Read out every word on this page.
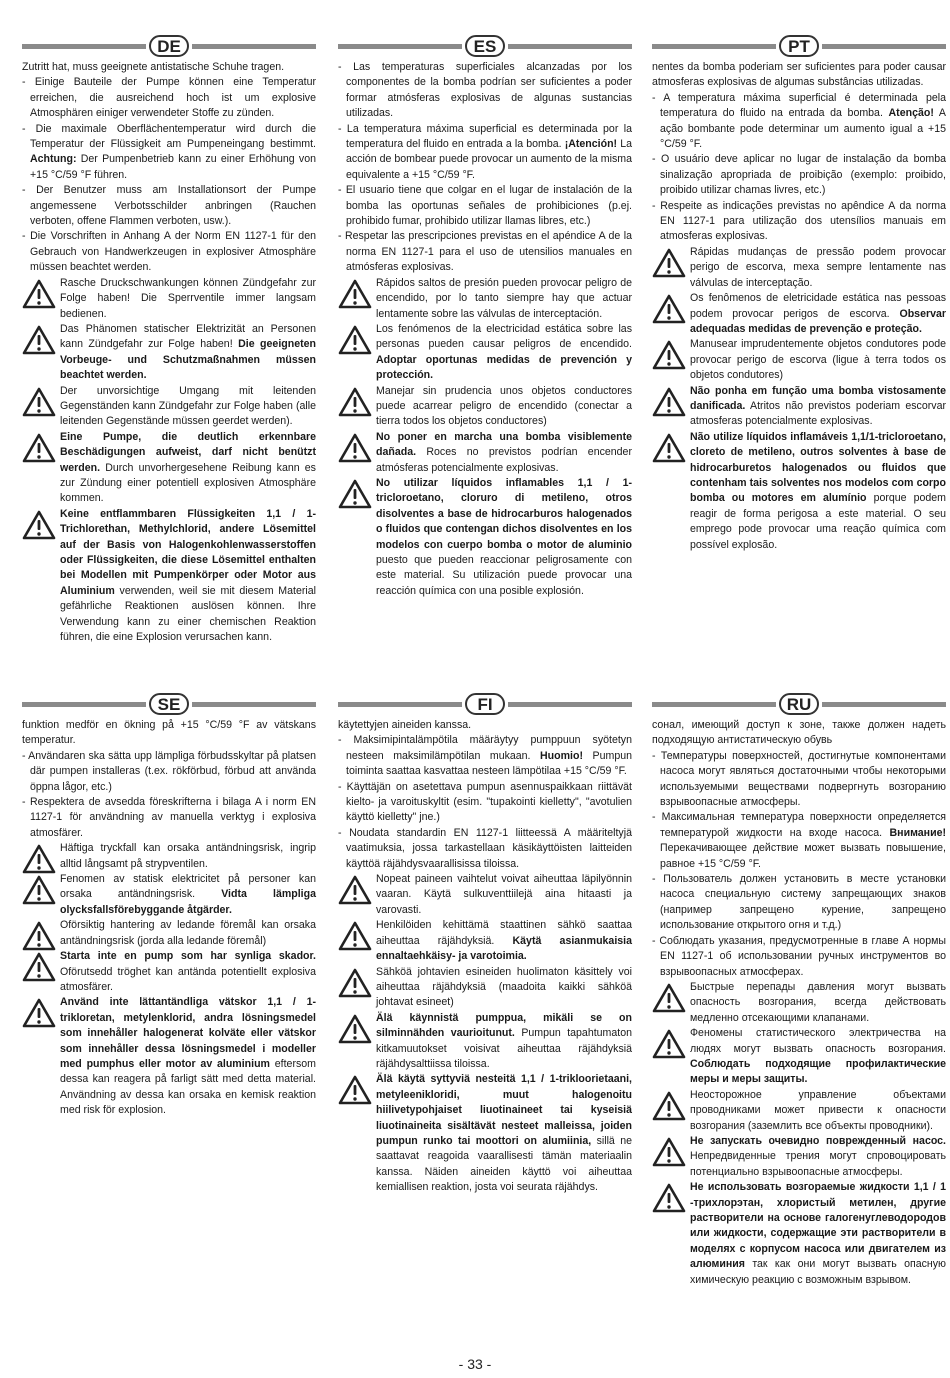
DE

Zutritt hat, muss geeignete antistatische Schuhe tragen.

- Einige Bauteile der Pumpe können eine Temperatur erreichen, die ausreichend hoch ist um explosive Atmosphären einiger verwendeter Stoffe zu zünden.

- Die maximale Oberflächentemperatur wird durch die Temperatur der Flüssigkeit am Pumpeneingang bestimmt. Achtung: Der Pumpenbetrieb kann zu einer Erhöhung von +15 °C/59 °F führen.

- Der Benutzer muss am Installationsort der Pumpe angemessene Verbotsschilder anbringen (Rauchen verboten, offene Flammen verboten, usw.).

- Die Vorschriften in Anhang A der Norm EN 1127-1 für den Gebrauch von Handwerkzeugen in explosiver Atmosphäre müssen beachtet werden.

Rasche Druckschwankungen können Zündgefahr zur Folge haben! Die Sperrventile immer langsam bedienen.

Das Phänomen statischer Elektrizität an Personen kann Zündgefahr zur Folge haben! Die geeigneten Vorbeuge- und Schutzmaßnahmen müssen beachtet werden.

Der unvorsichtige Umgang mit leitenden Gegenständen kann Zündgefahr zur Folge haben (alle leitenden Gegenstände müssen geerdet werden).

Eine Pumpe, die deutlich erkennbare Beschädigungen aufweist, darf nicht benützt werden. Durch unvorhergesehene Reibung kann es zur Zündung einer potentiell explosiven Atmosphäre kommen.

Keine entflammbaren Flüssigkeiten 1,1 / 1-Trichlorethan, Methylchlorid, andere Lösemittel auf der Basis von Halogenkohlenwasserstoffen oder Flüssigkeiten, die diese Lösemittel enthalten bei Modellen mit Pumpenkörper oder Motor aus Aluminium verwenden, weil sie mit diesem Material gefährliche Reaktionen auslösen können. Ihre Verwendung kann zu einer chemischen Reaktion führen, die eine Explosion verursachen kann.

ES

- Las temperaturas superficiales alcanzadas por los componentes de la bomba podrían ser suficientes a poder formar atmósferas explosivas de algunas sustancias utilizadas.

- La temperatura máxima superficial es determinada por la temperatura del fluido en entrada a la bomba. ¡Atención! La acción de bombear puede provocar un aumento de la misma equivalente a +15 °C/59 °F.

- El usuario tiene que colgar en el lugar de instalación de la bomba las oportunas señales de prohibiciones (p.ej. prohibido fumar, prohibido utilizar llamas libres, etc.)

- Respetar las prescripciones previstas en el apéndice A de la norma EN 1127-1 para el uso de utensilios manuales en atmósferas explosivas.

Rápidos saltos de presión pueden provocar peligro de encendido, por lo tanto siempre hay que actuar lentamente sobre las válvulas de interceptación.

Los fenómenos de la electricidad estática sobre las personas pueden causar peligros de encendido. Adoptar oportunas medidas de prevención y protección.

Manejar sin prudencia unos objetos conductores puede acarrear peligro de encendido (conectar a tierra todos los objetos conductores)

No poner en marcha una bomba visiblemente dañada. Roces no previstos podrían encender atmósferas potencialmente explosivas.

No utilizar líquidos inflamables 1,1 / 1-tricloroetano, cloruro di metileno, otros disolventes a base de hidrocarburos halogenados o fluidos que contengan dichos disolventes en los modelos con cuerpo bomba o motor de aluminio puesto que pueden reaccionar peligrosamente con este material. Su utilización puede provocar una reacción química con una posible explosión.

PT

nentes da bomba poderiam ser suficientes para poder causar atmosferas explosivas de algumas substâncias utilizadas.

- A temperatura máxima superficial é determinada pela temperatura do fluido na entrada da bomba. Atenção! A ação bombante pode determinar um aumento igual a +15 °C/59 °F.

- O usuário deve aplicar no lugar de instalação da bomba sinalização apropriada de proibição (exemplo: proibido, proibido utilizar chamas livres, etc.)

- Respeite as indicações previstas no apêndice A da norma EN 1127-1 para utilização dos utensílios manuais em atmosferas explosivas.

Rápidas mudanças de pressão podem provocar perigo de escorva, mexa sempre lentamente nas válvulas de interceptação.

Os fenômenos de eletricidade estática nas pessoas podem provocar perigos de escorva. Observar adequadas medidas de prevenção e proteção.

Manusear imprudentemente objetos condutores pode provocar perigo de escorva (ligue à terra todos os objetos condutores)

Não ponha em função uma bomba vistosamente danificada. Atritos não previstos poderiam escorvar atmosferas potencialmente explosivas.

Não utilize líquidos inflamáveis 1,1/1-tricloroetano, cloreto de metileno, outros solventes à base de hidrocarburetos halogenados ou fluidos que contenham tais solventes nos modelos com corpo bomba ou motores em alumínio porque podem reagir de forma perigosa a este material. O seu emprego pode provocar uma reação química com possível explosão.

SE

funktion medför en ökning på +15 °C/59 °F av vätskans temperatur.

- Användaren ska sätta upp lämpliga förbudsskyltar på platsen där pumpen installeras (t.ex. rökförbud, förbud att använda öppna lågor, etc.)

- Respektera de avsedda föreskrifterna i bilaga A i norm EN 1127-1 för användning av manuella verktyg i explosiva atmosfärer.

Häftiga tryckfall kan orsaka antändningsrisk, ingrip alltid långsamt på strypventilen.

Fenomen av statisk elektricitet på personer kan orsaka antändningsrisk. Vidta lämpliga olycksfallsförebyggande åtgärder.

Oförsiktig hantering av ledande föremål kan orsaka antändningsrisk (jorda alla ledande föremål)

Starta inte en pump som har synliga skador. Oförutsedd tröghet kan antända potentiellt explosiva atmosfärer.

Använd inte lättantändliga vätskor 1,1 / 1-trikloretan, metylenklorid, andra lösningsmedel som innehåller halogenerat kolväte eller vätskor som innehåller dessa lösningsmedel i modeller med pumphus eller motor av aluminium eftersom dessa kan reagera på farligt sätt med detta material. Användning av dessa kan orsaka en kemisk reaktion med risk för explosion.

FI

käytettyjen aineiden kanssa.

- Maksimipintalämpötila määräytyy pumppuun syötetyn nesteen maksimilämpötilan mukaan. Huomio! Pumpun toiminta saattaa kasvattaa nesteen lämpötilaa +15 °C/59 °F.

- Käyttäjän on asetettava pumpun asennuspaikkaan riittävät kielto- ja varoituskyltit (esim. "tupakointi kielletty", "avotulien käyttö kielletty" jne.)

- Noudata standardin EN 1127-1 liitteessä A määriteltyjä vaatimuksia, jossa tarkastellaan käsikäyttöisten laitteiden käyttöä räjähdysvaarallisissa tiloissa.

Nopeat paineen vaihtelut voivat aiheuttaa läpilyönnin vaaran. Käytä sulkuventtiilejä aina hitaasti ja varovasti.

Henkilöiden kehittämä staattinen sähkö saattaa aiheuttaa räjähdyksiä. Käytä asianmukaisia ennaltaehkäisy- ja varotoimia.

Sähköä johtavien esineiden huolimaton käsittely voi aiheuttaa räjähdyksiä (maadoita kaikki sähköä johtavat esineet)

Älä käynnistä pumppua, mikäli se on silminnähden vaurioitunut. Pumpun tapahtumaton kitkamuutokset voisivat aiheuttaa räjähdyksiä räjähdysalttiissa tiloissa.

Älä käytä syttyviä nesteitä 1,1 / 1-trikloorietaani, metyleenikloridi, muut halogenoitu hiilivetypohjaiset liuotinaineet tai kyseisiä liuotinaineita sisältävät nesteet malleissa, joiden pumpun runko tai moottori on alumiinia, sillä ne saattavat reagoida vaarallisesti tämän materiaalin kanssa. Näiden aineiden käyttö voi aiheuttaa kemiallisen reaktion, josta voi seurata räjähdys.

RU

сонал, имеющий доступ к зоне, также должен надеть подходящую антистатическую обувь

- Температуры поверхностей, достигнутые компонентами насоса могут являться достаточными чтобы некоторыми используемыми веществами подвергнуть возгоранию взрывоопасные атмосферы.

- Максимальная температура поверхности определяется температурой жидкости на входе насоса. Внимание! Перекачивающее действие может вызвать повышение, равное +15 °C/59 °F.

- Пользователь должен установить в месте установки насоса специальную систему запрещающих знаков (например запрещено курение, запрещено использование открытого огня и т.д.)

- Соблюдать указания, предусмотренные в главе А нормы EN 1127-1 об использовании ручных инструментов во взрывоопасных атмосферах.

Быстрые перепады давления могут вызвать опасность возгорания, всегда действовать медленно отсекающими клапанами.

Феномены статистического электричества на людях могут вызвать опасность возгорания. Соблюдать подходящие профилактические меры и меры защиты.

Неосторожное управление объектами проводниками может привести к опасности возгорания (заземлить все объекты проводники).

Не запускать очевидно поврежденный насос. Непредвиденные трения могут спровоцировать потенциально взрывоопасные атмосферы.

Не использовать возгораемые жидкости 1,1 / 1 -трихлорэтан, хлористый метилен, другие растворители на основе галогенуглеводородов или жидкости, содержащие эти растворители в моделях с корпусом насоса или двигателем из алюминия так как они могут вызвать опасную химическую реакцию с возможным взрывом.

- 33 -
